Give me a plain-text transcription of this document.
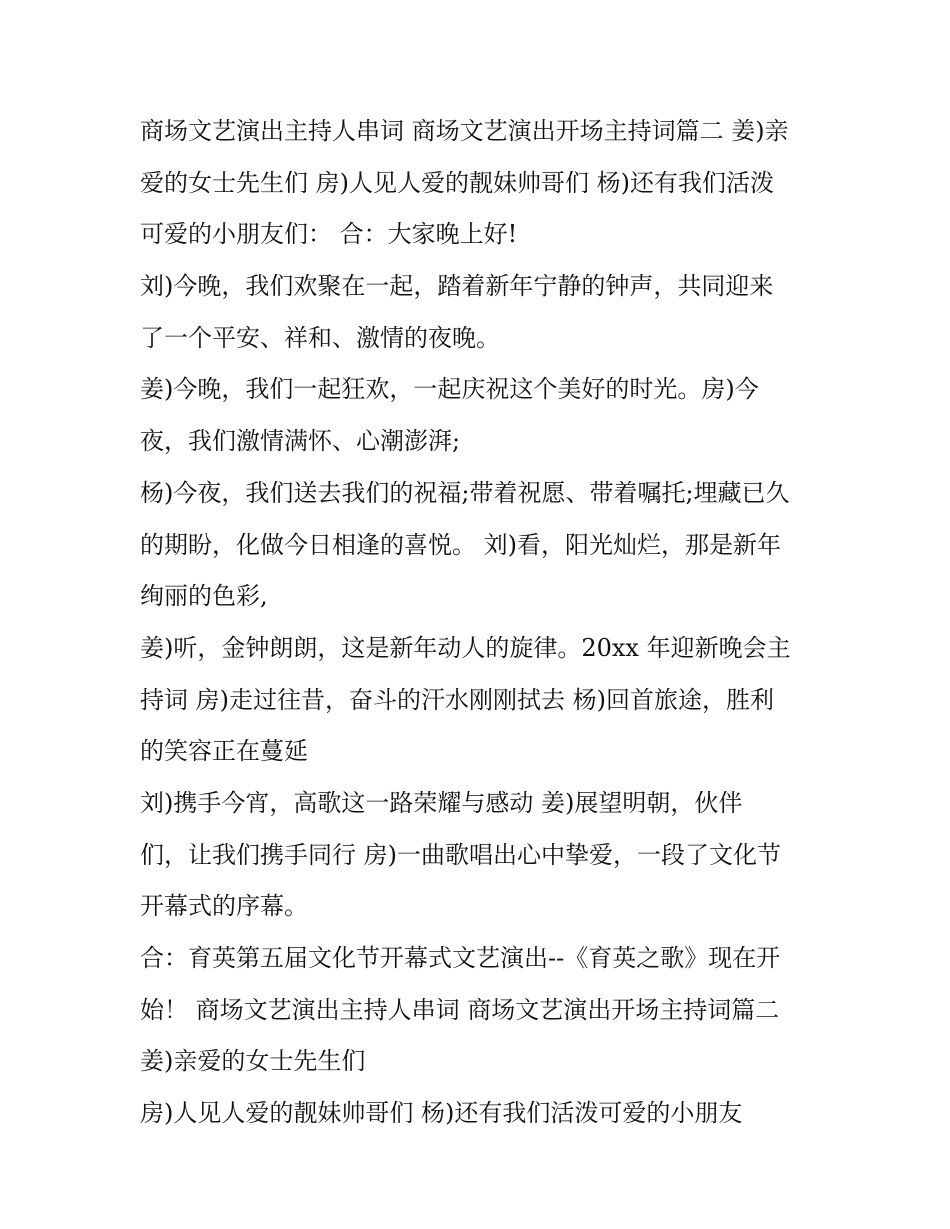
商场文艺演出主持人串词 商场文艺演出开场主持词篇二 姜)亲
爱的女士先生们 房)人见人爱的靓妹帅哥们 杨)还有我们活泼
可爱的小朋友们： 合：大家晚上好!
刘)今晚，我们欢聚在一起，踏着新年宁静的钟声，共同迎来
了一个平安、祥和、激情的夜晚。
姜)今晚，我们一起狂欢，一起庆祝这个美好的时光。房)今
夜，我们激情满怀、心潮澎湃;
杨)今夜，我们送去我们的祝福;带着祝愿、带着嘱托;埋藏已久
的期盼，化做今日相逢的喜悦。 刘)看，阳光灿烂，那是新年
绚丽的色彩,
姜)听，金钟朗朗，这是新年动人的旋律。20xx 年迎新晚会主
持词 房)走过往昔，奋斗的汗水刚刚拭去 杨)回首旅途，胜利
的笑容正在蔓延
刘)携手今宵，高歌这一路荣耀与感动 姜)展望明朝，伙伴
们，让我们携手同行 房)一曲歌唱出心中挚爱，一段了文化节
开幕式的序幕。
合：育英第五届文化节开幕式文艺演出--《育英之歌》现在开
始！ 商场文艺演出主持人串词 商场文艺演出开场主持词篇二
姜)亲爱的女士先生们
房)人见人爱的靓妹帅哥们 杨)还有我们活泼可爱的小朋友
